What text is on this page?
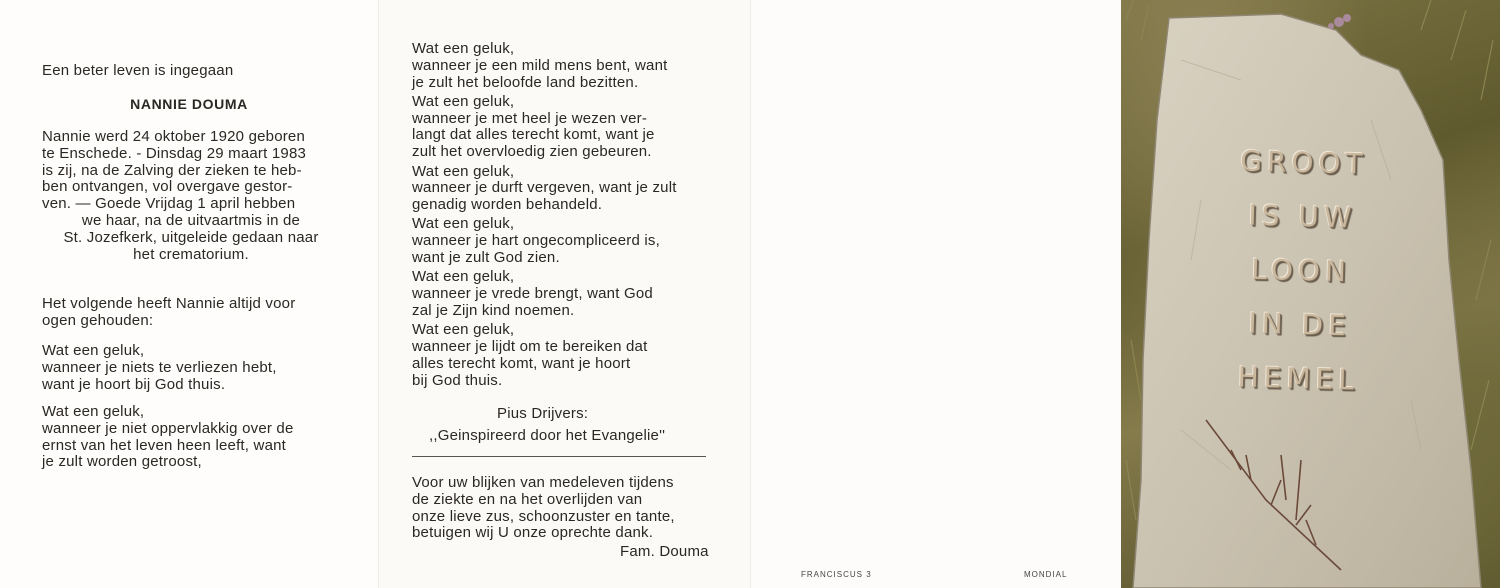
Een beter leven is ingegaan
NANNIE DOUMA
Nannie werd 24 oktober 1920 geboren
te Enschede. - Dinsdag 29 maart 1983
is zij, na de Zalving der zieken te heb-
ben ontvangen, vol overgave gestor-
ven. — Goede Vrijdag 1 april hebben
we haar, na de uitvaartmis in de
St. Jozefkerk, uitgeleide gedaan naar
het crematorium.
Het volgende heeft Nannie altijd voor
ogen gehouden:
Wat een geluk,
wanneer je niets te verliezen hebt,
want je hoort bij God thuis.
Wat een geluk,
wanneer je niet oppervlakkig over de
ernst van het leven heen leeft, want
je zult worden getroost,
Wat een geluk,
wanneer je een mild mens bent, want
je zult het beloofde land bezitten.
Wat een geluk,
wanneer je met heel je wezen ver-
langt dat alles terecht komt, want je
zult het overvloedig zien gebeuren.
Wat een geluk,
wanneer je durft vergeven, want je zult
genadig worden behandeld.
Wat een geluk,
wanneer je hart ongecompliceerd is,
want je zult God zien.
Wat een geluk,
wanneer je vrede brengt, want God
zal je Zijn kind noemen.
Wat een geluk,
wanneer je lijdt om te bereiken dat
alles terecht komt, want je hoort
bij God thuis.
Pius Drijvers:
,,Geinspireerd door het Evangelie''
Voor uw blijken van medeleven tijdens
de ziekte en na het overlijden van
onze lieve zus, schoonzuster en tante,
betuigen wij U onze oprechte dank.
Fam. Douma
FRANCISCUS 3	MONDIAL
GROOT
IS UW
LOON
IN DE
HEMEL
